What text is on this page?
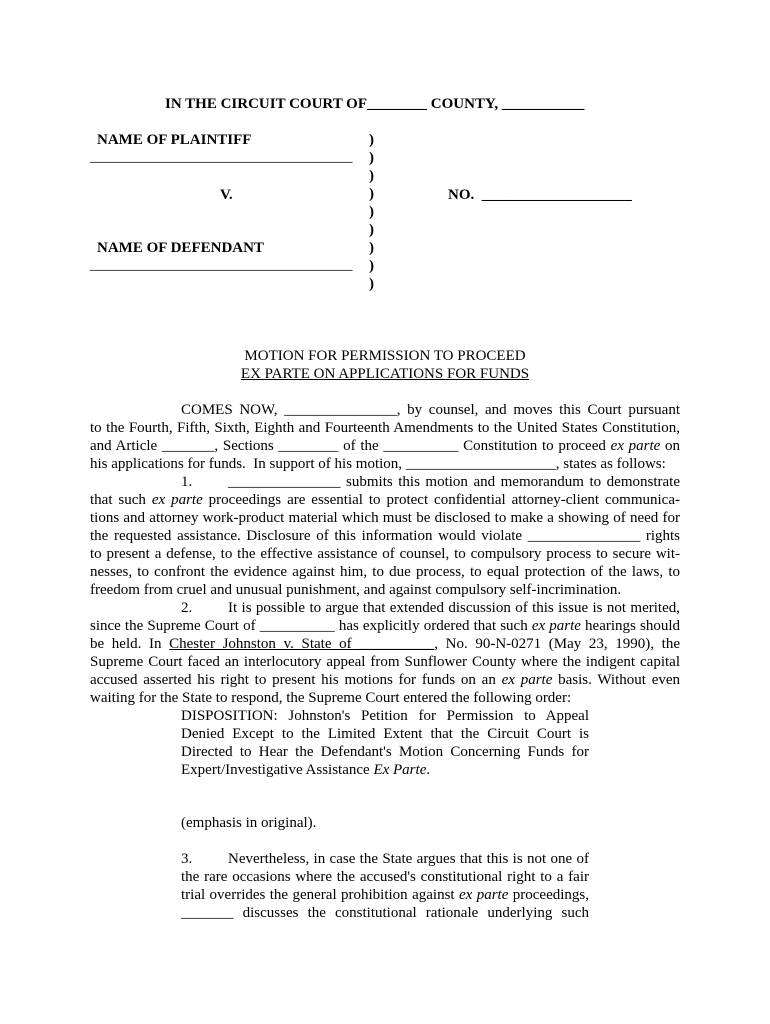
IN THE CIRCUIT COURT OF________ COUNTY, ___________
NAME OF PLAINTIFF
___________________________________
V.
NAME OF DEFENDANT
___________________________________
)
)
)
)
)
)
)
)
)
NO. ____________________
MOTION FOR PERMISSION TO PROCEED
EX PARTE ON APPLICATIONS FOR FUNDS
COMES NOW, _______________, by counsel, and moves this Court pursuant
to the Fourth, Fifth, Sixth, Eighth and Fourteenth Amendments to the United States Constitution,
and Article _______, Sections ________ of the __________ Constitution to proceed ex parte on
his applications for funds.  In support of his motion, ____________________, states as follows:
1. _______________ submits this motion and memorandum to demonstrate
that such ex parte proceedings are essential to protect confidential attorney-client communica-
tions and attorney work-product material which must be disclosed to make a showing of need for
the requested assistance. Disclosure of this information would violate _______________ rights
to present a defense, to the effective assistance of counsel, to compulsory process to secure wit-
nesses, to confront the evidence against him, to due process, to equal protection of the laws, to
freedom from cruel and unusual punishment, and against compulsory self-incrimination.
2. It is possible to argue that extended discussion of this issue is not merited,
since the Supreme Court of __________ has explicitly ordered that such ex parte hearings should
be held. In Chester Johnston v. State of __________, No. 90-N-0271 (May 23, 1990), the
Supreme Court faced an interlocutory appeal from Sunflower County where the indigent capital
accused asserted his right to present his motions for funds on an ex parte basis. Without even
waiting for the State to respond, the Supreme Court entered the following order:
DISPOSITION: Johnston's Petition for Permission to Appeal
Denied Except to the Limited Extent that the Circuit Court is
Directed to Hear the Defendant's Motion Concerning Funds for
Expert/Investigative Assistance Ex Parte.
(emphasis in original).
3. Nevertheless, in case the State argues that this is not one of
the rare occasions where the accused's constitutional right to a fair
trial overrides the general prohibition against ex parte proceedings,
_______ discusses the constitutional rationale underlying such
